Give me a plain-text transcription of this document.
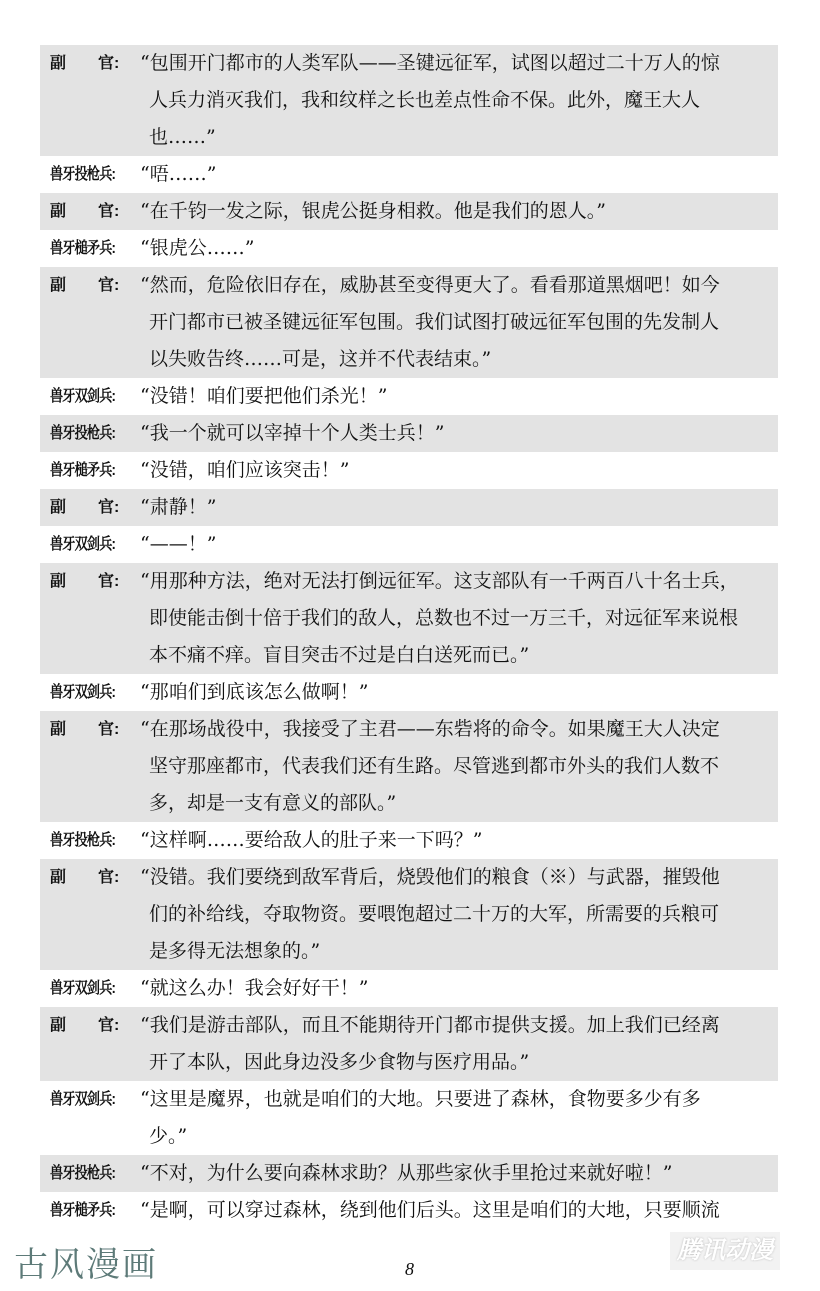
副　　官:	“包围开门都市的人类军队——圣键远征军，试图以超过二十万人的惊
人兵力消灭我们，我和纹样之长也差点性命不保。此外，魔王大人
也……”
兽牙投枪兵:	“唔……”
副　　官:	“在千钧一发之际，银虎公挺身相救。他是我们的恩人。”
兽牙槌矛兵:	“银虎公……”
副　　官:	“然而，危险依旧存在，威胁甚至变得更大了。看看那道黑烟吧！如今
开门都市已被圣键远征军包围。我们试图打破远征军包围的先发制人
以失败告终……可是，这并不代表结束。”
兽牙双剑兵:	“没错！咱们要把他们杀光！”
兽牙投枪兵:	“我一个就可以宰掉十个人类士兵！”
兽牙槌矛兵:	“没错，咱们应该突击！”
副　　官:	“肃静！”
兽牙双剑兵:	“——！”
副　　官:	“用那种方法，绝对无法打倒远征军。这支部队有一千两百八十名士兵，
即使能击倒十倍于我们的敌人，总数也不过一万三千，对远征军来说根
本不痛不痒。盲目突击不过是白白送死而已。”
兽牙双剑兵:	“那咱们到底该怎么做啊！”
副　　官:	“在那场战役中，我接受了主君——东砦将的命令。如果魔王大人决定
坚守那座都市，代表我们还有生路。尽管逃到都市外头的我们人数不
多，却是一支有意义的部队。”
兽牙投枪兵:	“这样啊……要给敌人的肚子来一下吗？”
副　　官:	“没错。我们要绕到敌军背后，烧毁他们的粮食（※）与武器，摧毁他
们的补给线，夺取物资。要喂饱超过二十万的大军，所需要的兵粮可
是多得无法想象的。”
兽牙双剑兵:	“就这么办！我会好好干！”
副　　官:	“我们是游击部队，而且不能期待开门都市提供支援。加上我们已经离
开了本队，因此身边没多少食物与医疗用品。”
兽牙双剑兵:	“这里是魔界，也就是咱们的大地。只要进了森林，食物要多少有多
少。”
兽牙投枪兵:	“不对，为什么要向森林求助？从那些家伙手里抢过来就好啦！”
兽牙槌矛兵:	“是啊，可以穿过森林，绕到他们后头。这里是咱们的大地，只要顺流
古风漫画	8
腾讯动漫
